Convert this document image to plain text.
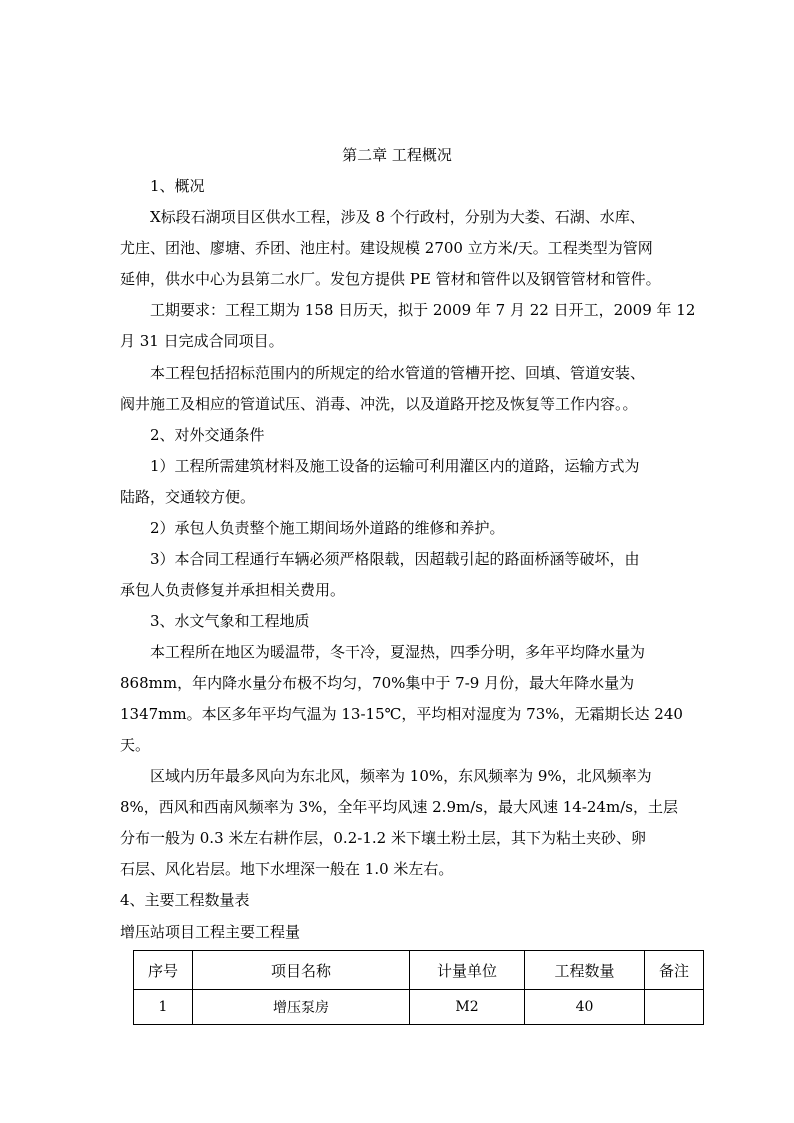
第二章 工程概况
1、概况
X标段石湖项目区供水工程，涉及 8 个行政村，分别为大娄、石湖、水库、
尤庄、团池、廖塘、乔团、池庄村。建设规模 2700 立方米/天。工程类型为管网
延伸，供水中心为县第二水厂。发包方提供 PE 管材和管件以及钢管管材和管件。
工期要求：工程工期为 158 日历天，拟于 2009 年 7 月 22 日开工，2009 年 12
月 31 日完成合同项目。
本工程包括招标范围内的所规定的给水管道的管槽开挖、回填、管道安装、
阀井施工及相应的管道试压、消毒、冲洗，以及道路开挖及恢复等工作内容。。
2、对外交通条件
1）工程所需建筑材料及施工设备的运输可利用灌区内的道路，运输方式为
陆路，交通较方便。
2）承包人负责整个施工期间场外道路的维修和养护。
3）本合同工程通行车辆必须严格限载，因超载引起的路面桥涵等破坏，由
承包人负责修复并承担相关费用。
3、水文气象和工程地质
本工程所在地区为暖温带，冬干冷，夏湿热，四季分明，多年平均降水量为
868mm，年内降水量分布极不均匀，70%集中于 7-9 月份，最大年降水量为
1347mm。本区多年平均气温为 13-15℃，平均相对湿度为 73%，无霜期长达 240
天。
区域内历年最多风向为东北风，频率为 10%，东风频率为 9%，北风频率为
8%，西风和西南风频率为 3%，全年平均风速 2.9m/s，最大风速 14-24m/s，土层
分布一般为 0.3 米左右耕作层，0.2-1.2 米下壤土粉土层，其下为粘土夹砂、卵
石层、风化岩层。地下水埋深一般在 1.0 米左右。
4、主要工程数量表
增压站项目工程主要工程量
序号	项目名称	计量单位	工程数量	备注
1	增压泵房	M2	40	
